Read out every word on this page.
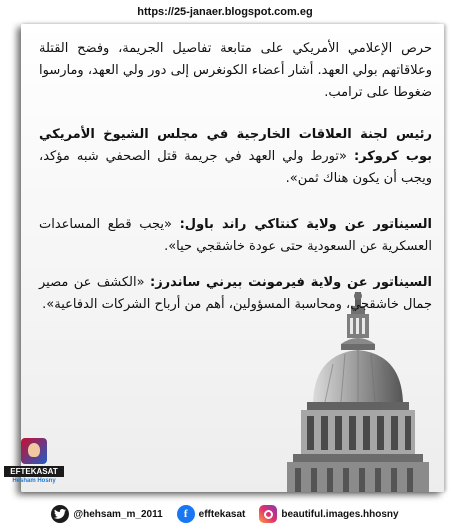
https://25-janaer.blogspot.com.eg

حرص الإعلامي الأمريكي على متابعة تفاصيل الجريمة، وفضح القتلة وعلاقاتهم بولي العهد. أشار أعضاء الكونغرس إلى دور ولي العهد، ومارسوا ضغوطا على ترامب.

رئيس لجنة العلاقات الخارجية في مجلس الشيوخ الأمريكي بوب كروكر: «تورط ولي العهد في جريمة قتل الصحفي شبه مؤكد، ويجب أن يكون هناك ثمن».

السيناتور عن ولاية كنتاكي راند باول: «يجب قطع المساعدات العسكرية عن السعودية حتى عودة خاشقجي حيا».

السيناتور عن ولاية فيرمونت بيرني ساندرز: «الكشف عن مصير جمال خاشقجي، ومحاسبة المسؤولين، أهم من أرباح الشركات الدفاعية».

EFTEKASAT
Hesham Hosny
@hehsam_m_2011	f	efftekasat	beautiful.images.hhosny
